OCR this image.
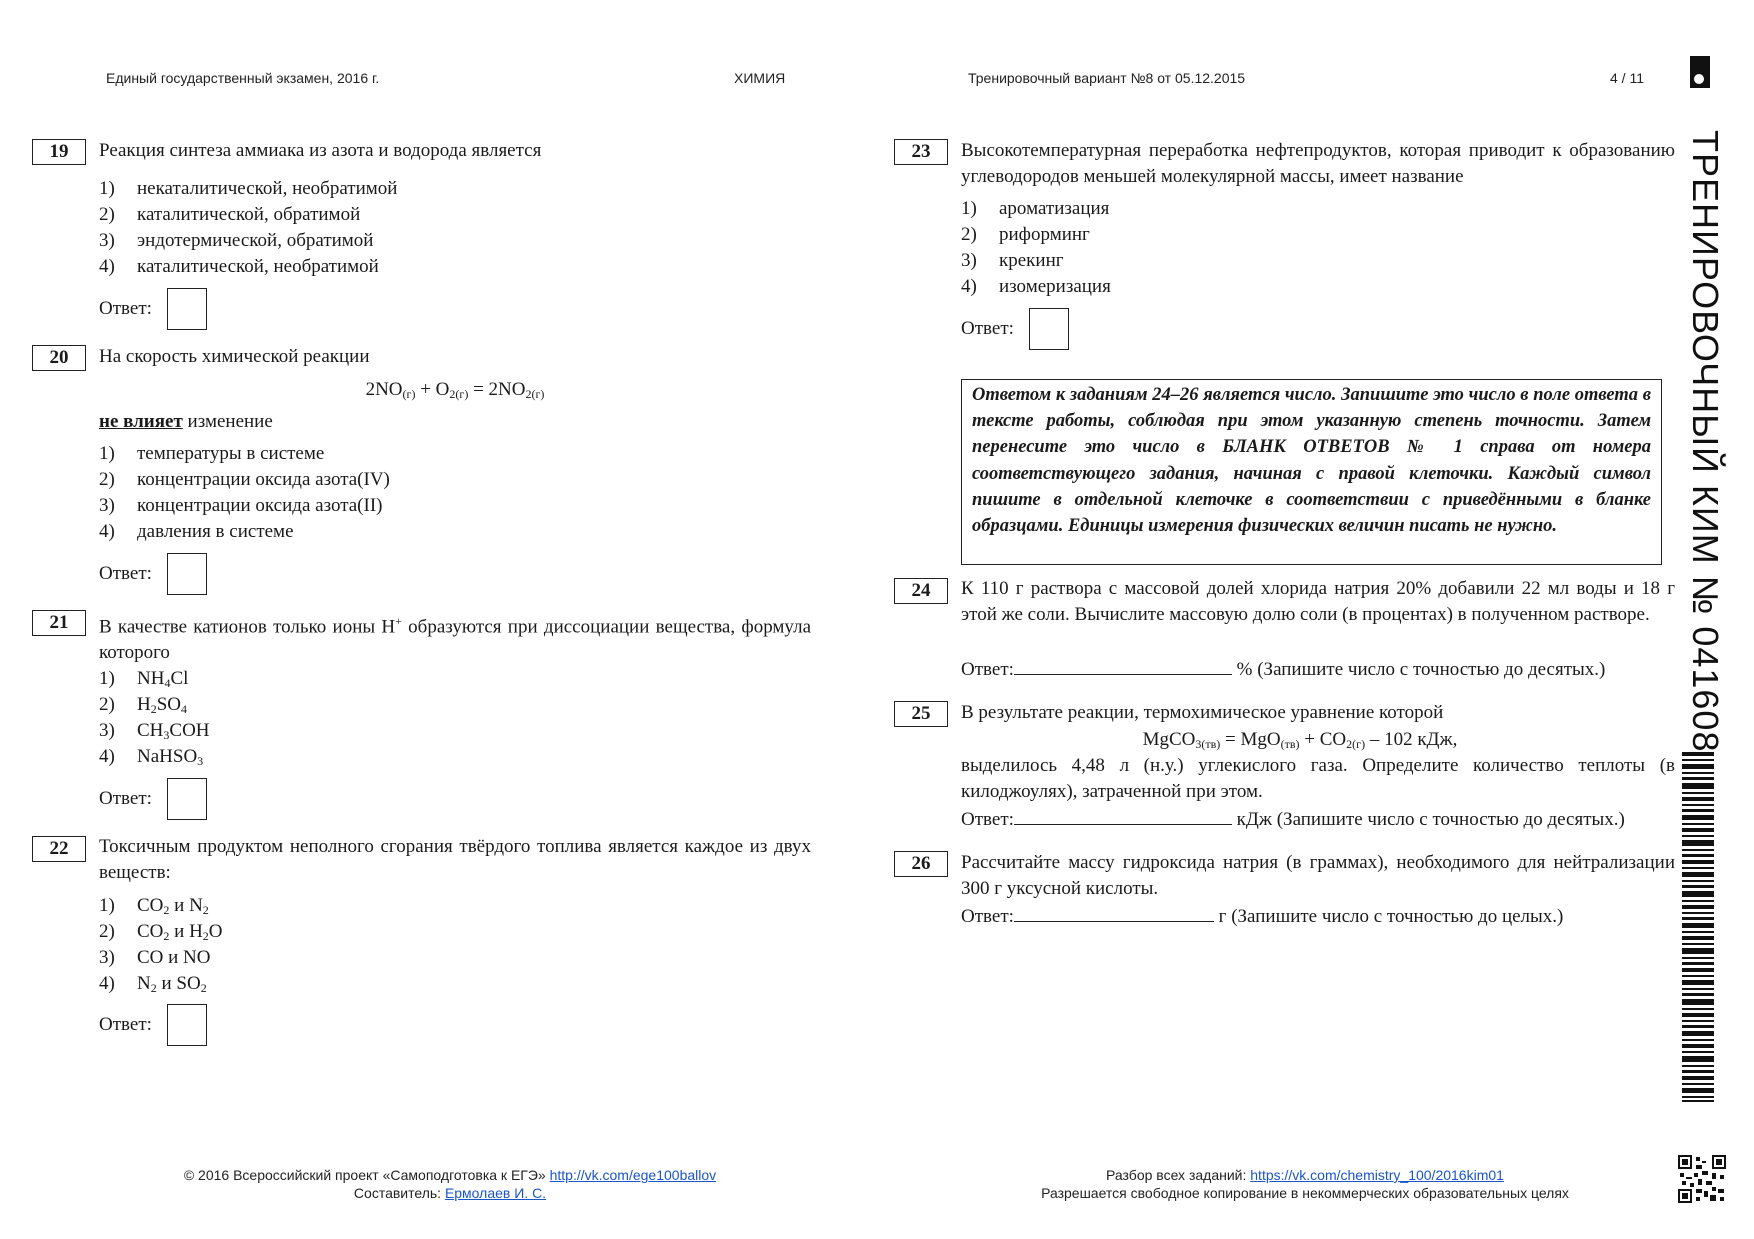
Единый государственный экзамен, 2016 г.	ХИМИЯ	Тренировочный вариант №8 от 05.12.2015	4 / 11
ТРЕНИРОВОЧНЫЙ КИМ № 041608
19	Реакция синтеза аммиака из азота и водорода является
1) некаталитической, необратимой
2) каталитической, обратимой
3) эндотермической, обратимой
4) каталитической, необратимой
Ответ:
20	На скорость химической реакции
$2NO_{(г)} + O_{2(г)} = 2NO_{2(г)}$
не влияет изменение
1) температуры в системе
2) концентрации оксида азота(IV)
3) концентрации оксида азота(II)
4) давления в системе
Ответ:
21	В качестве катионов только ионы H+ образуются при диссоциации вещества, формула которого
1) $NH_4Cl$
2) $H_2SO_4$
3) $CH_3COH$
4) NaHSO$_3$
Ответ:
22	Токсичным продуктом неполного сгорания твёрдого топлива является каждое из двух веществ:
1) $CO_2$ и $N_2$
2) $CO_2$ и $H_2O$
3) CO и NO
4) $N_2$ и $SO_2$
Ответ:
23	Высокотемпературная переработка нефтепродуктов, которая приводит к образованию углеводородов меньшей молекулярной массы, имеет название
1) ароматизация
2) риформинг
3) крекинг
4) изомеризация
Ответ:
Ответом к заданиям 24–26 является число. Запишите это число в поле ответа в тексте работы, соблюдая при этом указанную степень точности. Затем перенесите это число в БЛАНК ОТВЕТОВ № 1 справа от номера соответствующего задания, начиная с правой клеточки. Каждый символ пишите в отдельной клеточке в соответствии с приведёнными в бланке образцами. Единицы измерения физических величин писать не нужно.
24	К 110 г раствора с массовой долей хлорида натрия 20% добавили 22 мл воды и 18 г этой же соли. Вычислите массовую долю соли (в процентах) в полученном растворе.
Ответ:	% (Запишите число с точностью до десятых.)
25	В результате реакции, термохимическое уравнение которой
MgCO$_{3(тв)}$ = $MgO_{(тв)} + CO_{2(г)} - 102$ кДж,
выделилось 4,48 л (н.у.) углекислого газа. Определите количество теплоты (в килоджоулях), затраченной при этом.
Ответ:	кДж (Запишите число с точностью до десятых.)
26	Рассчитайте массу гидроксида натрия (в граммах), необходимого для нейтрализации 300 г уксусной кислоты.
Ответ:	г (Запишите число с точностью до целых.)
© 2016 Всероссийский проект «Самоподготовка к ЕГЭ» http://vk.com/ege100ballov
Составитель: Ермолаев И. С.
Разбор всех заданий: https://vk.com/chemistry_100/2016kim01
Разрешается свободное копирование в некоммерческих образовательных целях
